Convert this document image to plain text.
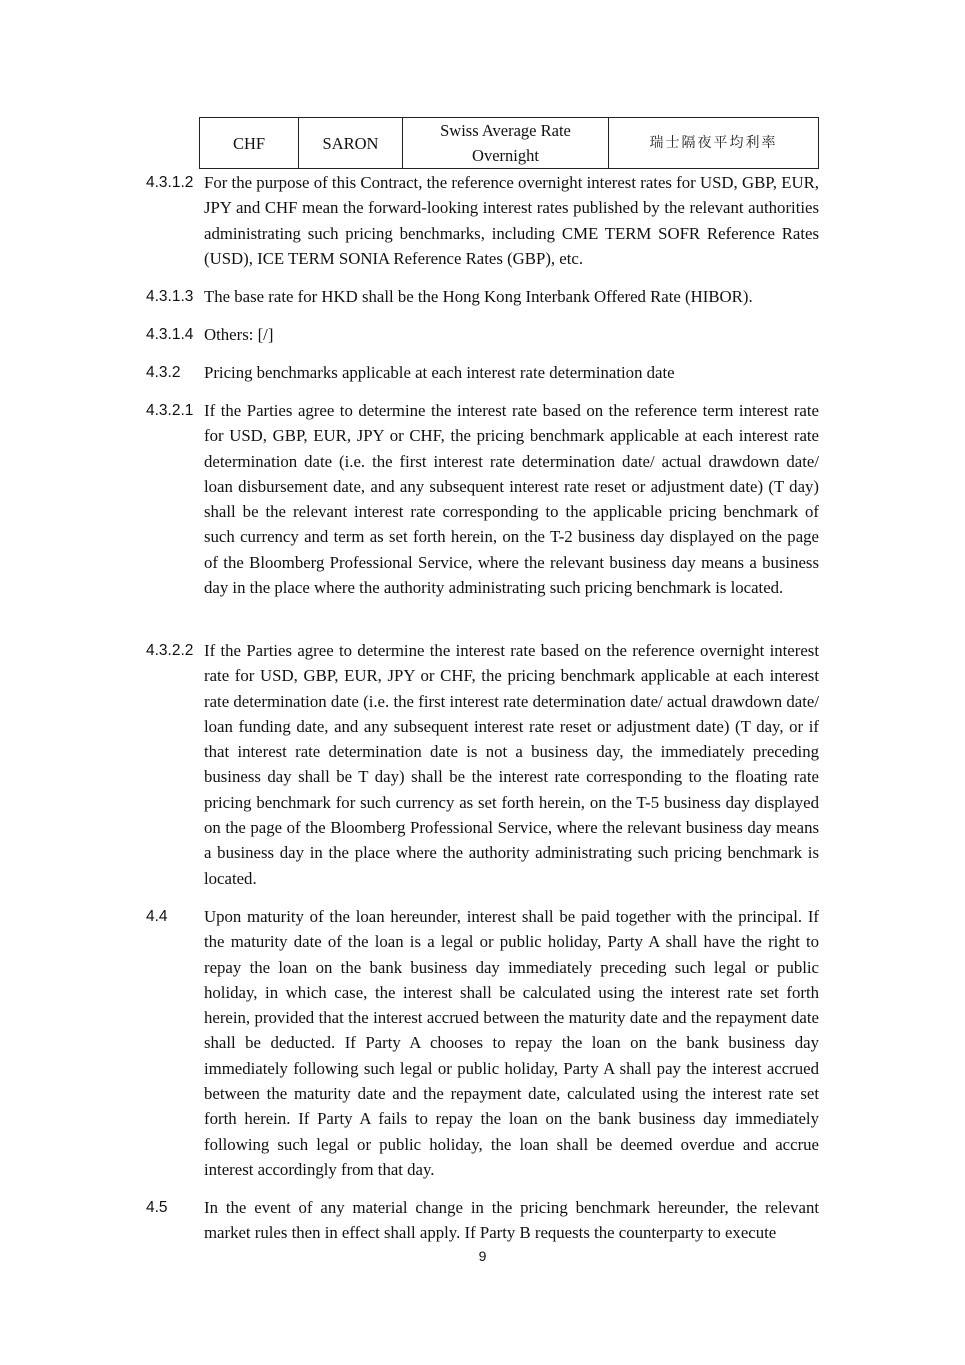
CHF	SARON	Swiss Average Rate Overnight	瑞士隔夜平均利率
4.3.1.2 For the purpose of this Contract, the reference overnight interest rates for USD, GBP, EUR, JPY and CHF mean the forward-looking interest rates published by the relevant authorities administrating such pricing benchmarks, including CME TERM SOFR Reference Rates (USD), ICE TERM SONIA Reference Rates (GBP), etc.

4.3.1.3 The base rate for HKD shall be the Hong Kong Interbank Offered Rate (HIBOR).

4.3.1.4 Others: [/]

4.3.2 Pricing benchmarks applicable at each interest rate determination date

4.3.2.1 If the Parties agree to determine the interest rate based on the reference term interest rate for USD, GBP, EUR, JPY or CHF, the pricing benchmark applicable at each interest rate determination date (i.e. the first interest rate determination date/ actual drawdown date/ loan disbursement date, and any subsequent interest rate reset or adjustment date) (T day) shall be the relevant interest rate corresponding to the applicable pricing benchmark of such currency and term as set forth herein, on the T-2 business day displayed on the page of the Bloomberg Professional Service, where the relevant business day means a business day in the place where the authority administrating such pricing benchmark is located.

4.3.2.2 If the Parties agree to determine the interest rate based on the reference overnight interest rate for USD, GBP, EUR, JPY or CHF, the pricing benchmark applicable at each interest rate determination date (i.e. the first interest rate determination date/ actual drawdown date/ loan funding date, and any subsequent interest rate reset or adjustment date) (T day, or if that interest rate determination date is not a business day, the immediately preceding business day shall be T day) shall be the interest rate corresponding to the floating rate pricing benchmark for such currency as set forth herein, on the T-5 business day displayed on the page of the Bloomberg Professional Service, where the relevant business day means a business day in the place where the authority administrating such pricing benchmark is located.

4.4 Upon maturity of the loan hereunder, interest shall be paid together with the principal. If the maturity date of the loan is a legal or public holiday, Party A shall have the right to repay the loan on the bank business day immediately preceding such legal or public holiday, in which case, the interest shall be calculated using the interest rate set forth herein, provided that the interest accrued between the maturity date and the repayment date shall be deducted. If Party A chooses to repay the loan on the bank business day immediately following such legal or public holiday, Party A shall pay the interest accrued between the maturity date and the repayment date, calculated using the interest rate set forth herein. If Party A fails to repay the loan on the bank business day immediately following such legal or public holiday, the loan shall be deemed overdue and accrue interest accordingly from that day.

4.5 In the event of any material change in the pricing benchmark hereunder, the relevant market rules then in effect shall apply. If Party B requests the counterparty to execute

9
